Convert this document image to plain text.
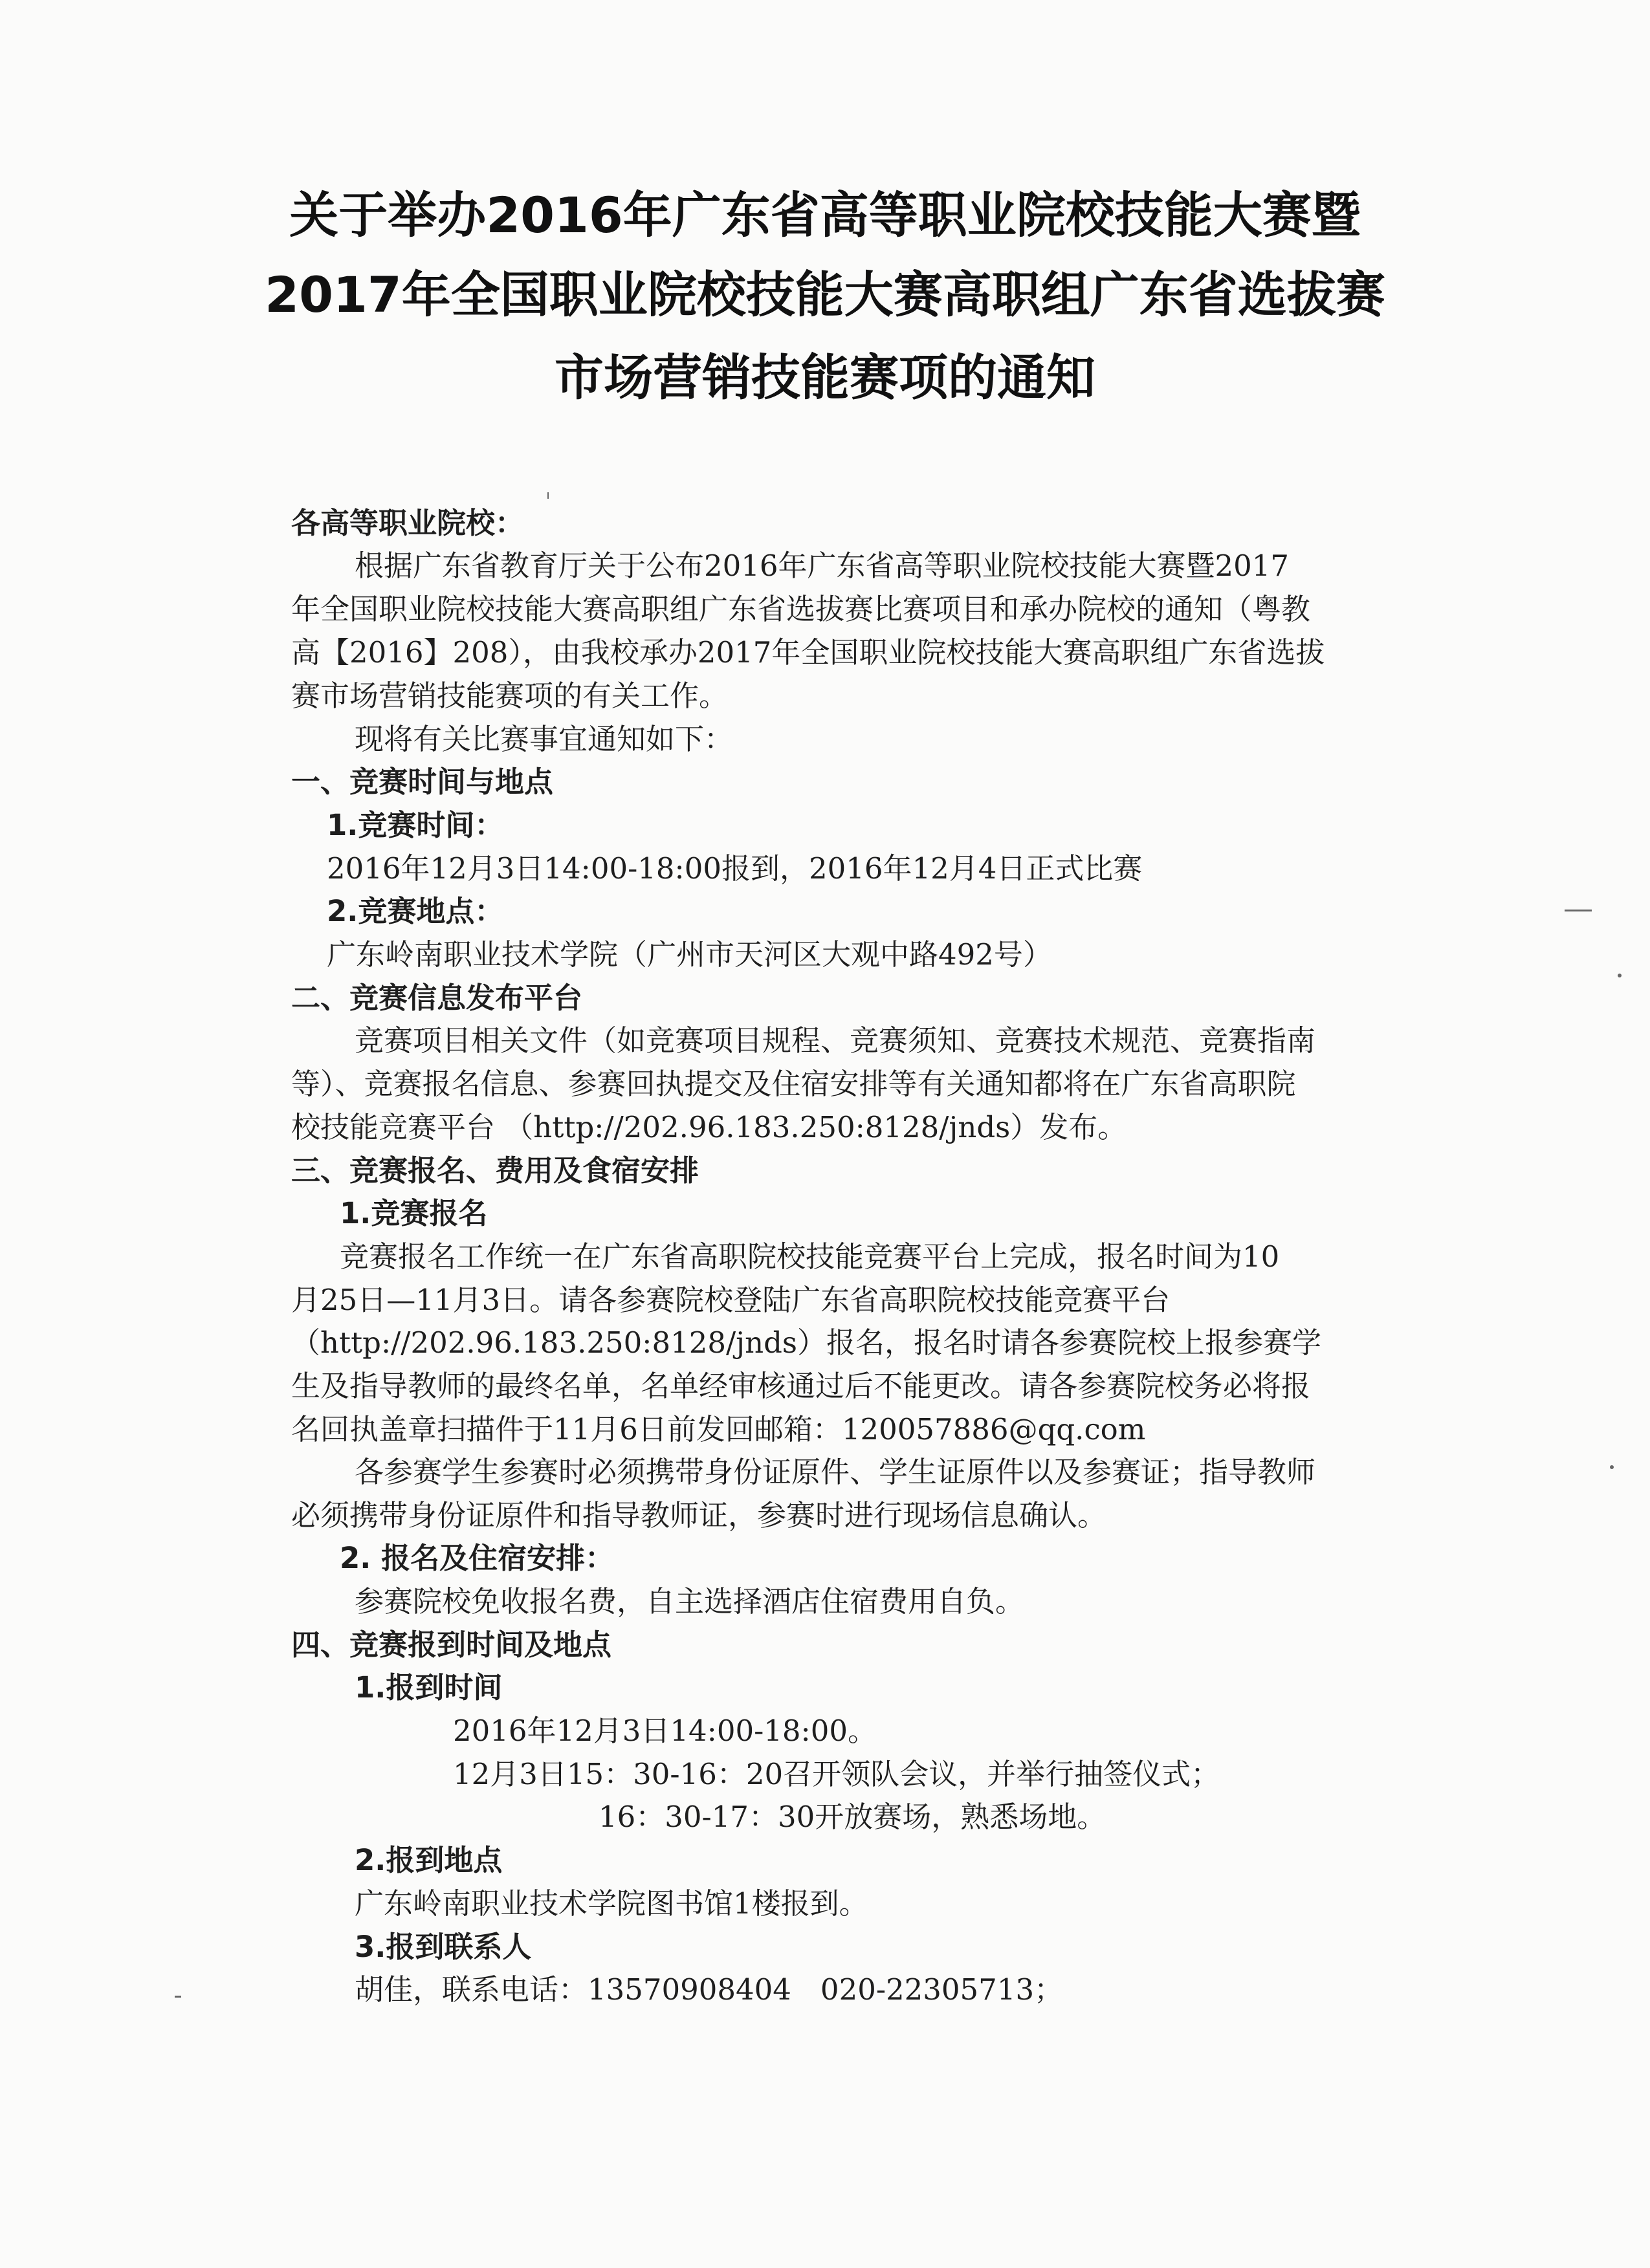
关于举办2016年广东省高等职业院校技能大赛暨
2017年全国职业院校技能大赛高职组广东省选拔赛
市场营销技能赛项的通知
各高等职业院校：
根据广东省教育厅关于公布2016年广东省高等职业院校技能大赛暨2017
年全国职业院校技能大赛高职组广东省选拔赛比赛项目和承办院校的通知（粤教
高【2016】208），由我校承办2017年全国职业院校技能大赛高职组广东省选拔
赛市场营销技能赛项的有关工作。
现将有关比赛事宜通知如下：
一、竞赛时间与地点
1.竞赛时间：
2016年12月3日14:00-18:00报到，2016年12月4日正式比赛
2.竞赛地点：
广东岭南职业技术学院（广州市天河区大观中路492号）
二、竞赛信息发布平台
竞赛项目相关文件（如竞赛项目规程、竞赛须知、竞赛技术规范、竞赛指南
等）、竞赛报名信息、参赛回执提交及住宿安排等有关通知都将在广东省高职院
校技能竞赛平台 （http://202.96.183.250:8128/jnds）发布。
三、竞赛报名、费用及食宿安排
1.竞赛报名
竞赛报名工作统一在广东省高职院校技能竞赛平台上完成，报名时间为10
月25日—11月3日。请各参赛院校登陆广东省高职院校技能竞赛平台
（http://202.96.183.250:8128/jnds）报名，报名时请各参赛院校上报参赛学
生及指导教师的最终名单，名单经审核通过后不能更改。请各参赛院校务必将报
名回执盖章扫描件于11月6日前发回邮箱：120057886@qq.com
各参赛学生参赛时必须携带身份证原件、学生证原件以及参赛证；指导教师
必须携带身份证原件和指导教师证，参赛时进行现场信息确认。
2. 报名及住宿安排：
参赛院校免收报名费，自主选择酒店住宿费用自负。
四、竞赛报到时间及地点
1.报到时间
2016年12月3日14:00-18:00。
12月3日15：30-16：20召开领队会议，并举行抽签仪式；
16：30-17：30开放赛场，熟悉场地。
2.报到地点
广东岭南职业技术学院图书馆1楼报到。
3.报到联系人
胡佳，联系电话：13570908404　020-22305713；
